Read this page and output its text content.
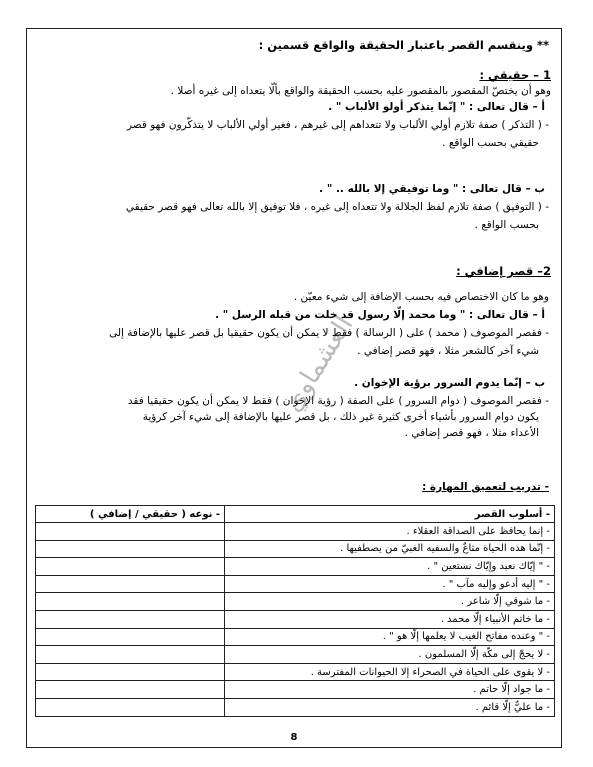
** وينقسم القصر باعتبار الحقيقة والواقع قسمين :
1 – حقيقي :
وهو أن يختصّ المقصور بالمقصور عليه بحسب الحقيقة والواقع بألّا يتعداه إلى غيره أصلا .
أ – قال تعالى : " إنّما يتذكر أولو الألباب " .
- ( التذكر ) صفة تلازم أولي الألباب ولا تتعداهم إلى غيرهم ، فغير أولي الألباب لا يتذكّرون فهو قصر
حقيقي بحسب الواقع .
ب – قال تعالى : " وما توفيقي إلا بالله .. " .
- ( التوفيق ) صفة تلازم لفظ الجلالة ولا تتعداه إلى غيره ، فلا توفيق إلا بالله تعالى فهو قصر حقيقي
بحسب الواقع .
2– قصر إضافي :
وهو ما كان الاختصاص فيه بحسب الإضافة إلى شيء معيّن .
أ – قال تعالى : " وما محمد إلّا رسول قد خلت من قبله الرسل " .
- فقصر الموصوف ( محمد ) على ( الرسالة ) فقط لا يمكن أن يكون حقيقيا بل قصر عليها بالإضافة إلى
شيء آخر كالشعر مثلا ، فهو قصر إضافي .
ب – إنّما يدوم السرور برؤية الإخوان .
- فقصر الموصوف ( دوام السرور ) على الصفة ( رؤية الإخوان ) فقط لا يمكن أن يكون حقيقيا فقد
يكون دوام السرور بأشياء أخرى كثيرة غير ذلك ، بل قصر عليها بالإضافة إلى شيء آخر كرؤية
الأعداء مثلا ، فهو قصر إضافي .
العشماوي
- تدريب لتعميق المهارة :
- أسلوب القصر	- نوعه ( حقيقي / إضافي )
- إنما يحافظ على الصداقة العقلاء .	
- إنّما هذه الحياة متاعٌ والسفيه الغبيّ من يصطفيها .	
- " إيّاك نعبد وإيّاك نستعين " .	
- " إليه أدعو وإليه مآب " .	
- ما شوقي إلّا شاعر .	
- ما خاتم الأنبياء إلّا محمد .	
- " وعنده مفاتح الغيب لا يعلمها إلّا هو " .	
- لا يحجّ إلى مكّة إلّا المسلمون .	
- لا يقوى على الحياة في الصحراء إلا الحيوانات المفترسة .	
- ما جواد إلّا حاتم .	
- ما عليٌّ إلّا قائم .	
8
